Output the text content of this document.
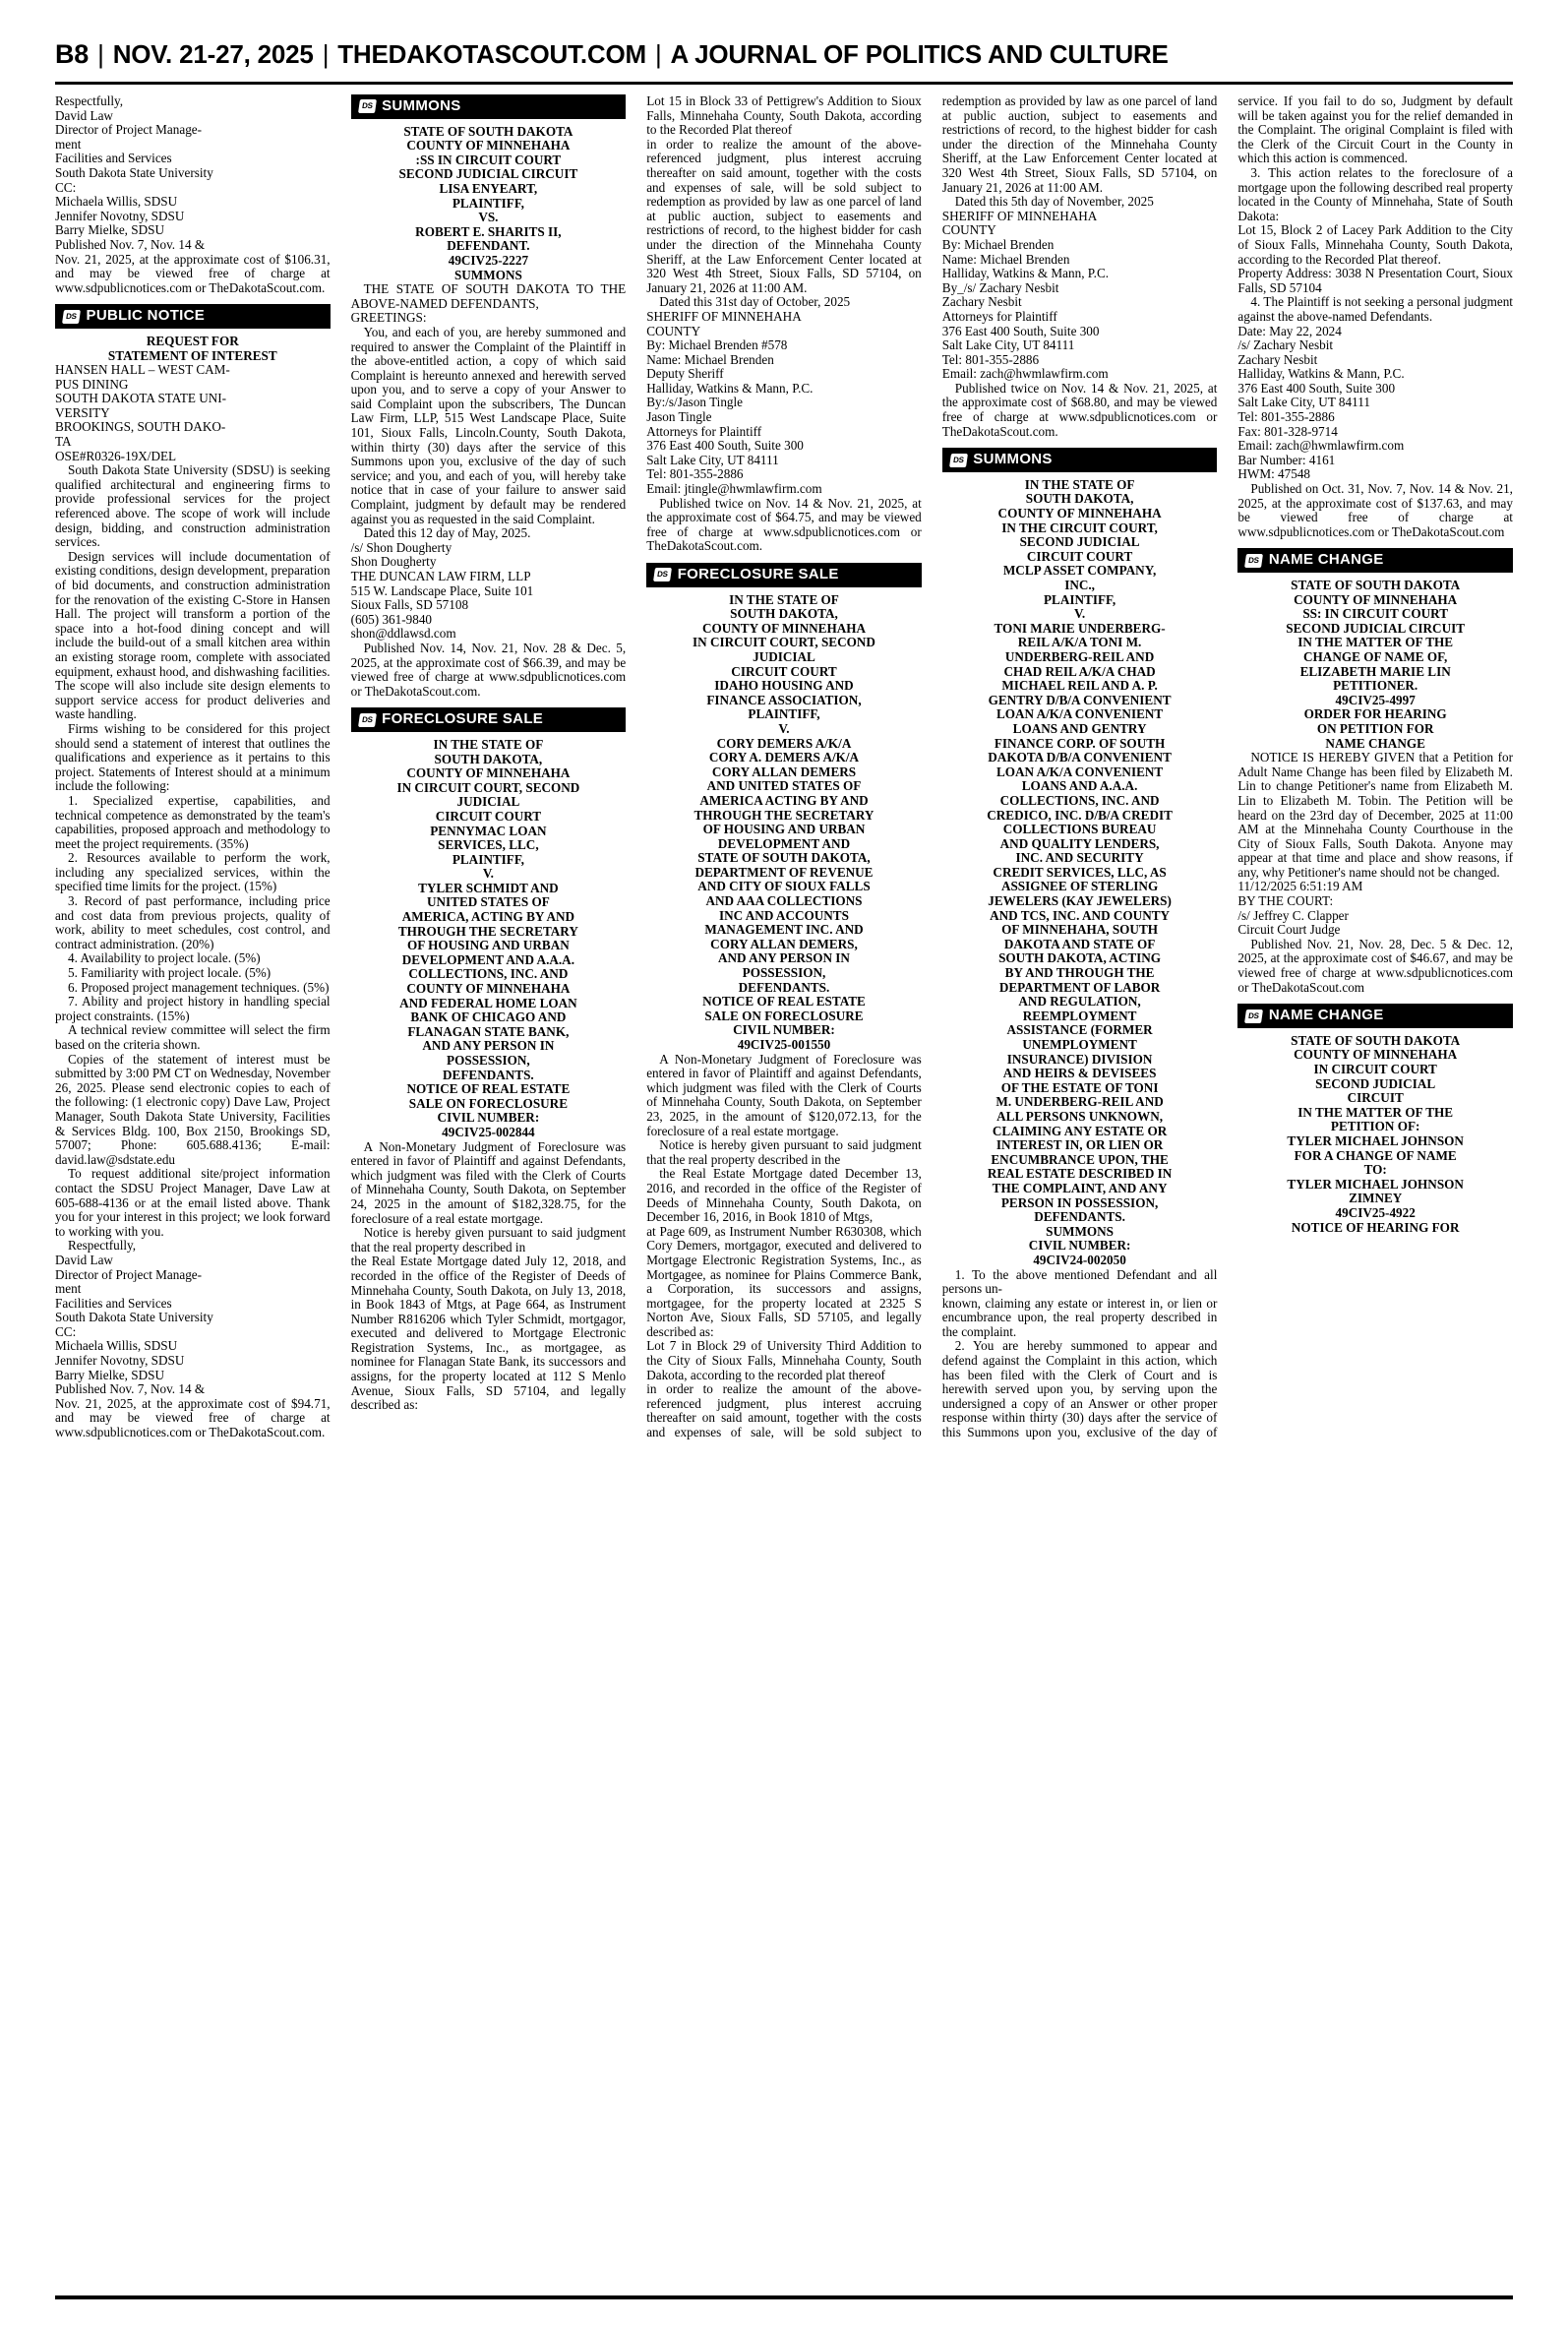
B8 | NOV. 21-27, 2025 | THEDAKOTASCOUT.COM | A JOURNAL OF POLITICS AND CULTURE

Respectfully,

David Law

Director of Project Manage-

ment

Facilities and Services

South Dakota State University

CC:

Michaela Willis, SDSU

Jennifer Novotny, SDSU

Barry Mielke, SDSU

Published Nov. 7, Nov. 14 &

Nov. 21, 2025, at the approximate cost of $106.31, and may be viewed free of charge at www.sdpublicnotices.com or TheDakotaScout.com.

DS PUBLIC NOTICE

REQUEST FOR

STATEMENT OF INTEREST

HANSEN HALL – WEST CAM-

PUS DINING

SOUTH DAKOTA STATE UNI-

VERSITY

BROOKINGS, SOUTH DAKO-

TA

OSE#R0326-19X/DEL

South Dakota State University (SDSU) is seeking qualified architectural and engineering firms to provide professional services for the project referenced above. The scope of work will include design, bidding, and construction administration services.

Design services will include documentation of existing conditions, design development, preparation of bid documents, and construction administration for the renovation of the existing C-Store in Hansen Hall. The project will transform a portion of the space into a hot-food dining concept and will include the build-out of a small kitchen area within an existing storage room, complete with associated equipment, exhaust hood, and dishwashing facilities. The scope will also include site design elements to support service access for product deliveries and waste handling.

Firms wishing to be considered for this project should send a statement of interest that outlines the qualifications and experience as it pertains to this project. Statements of Interest should at a minimum include the following:

1. Specialized expertise, capabilities, and technical competence as demonstrated by the team's capabilities, proposed approach and methodology to meet the project requirements. (35%)

2. Resources available to perform the work, including any specialized services, within the specified time limits for the project. (15%)

3. Record of past performance, including price and cost data from previous projects, quality of work, ability to meet schedules, cost control, and contract administration. (20%)

4. Availability to project locale. (5%)

5. Familiarity with project locale. (5%)

6. Proposed project management techniques. (5%)

7. Ability and project history in handling special project constraints. (15%)

A technical review committee will select the firm based on the criteria shown.

Copies of the statement of interest must be submitted by 3:00 PM CT on Wednesday, November 26, 2025. Please send electronic copies to each of the following: (1 electronic copy) Dave Law, Project Manager, South Dakota State University, Facilities & Services Bldg. 100, Box 2150, Brookings SD, 57007; Phone: 605.688.4136; E-mail: david.law@sdstate.edu

To request additional site/project information contact the SDSU Project Manager, Dave Law at 605-688-4136 or at the email listed above. Thank you for your interest in this project; we look forward to working with you.

Respectfully,

David Law

Director of Project Manage-

ment

Facilities and Services

South Dakota State University

CC:

Michaela Willis, SDSU

Jennifer Novotny, SDSU

Barry Mielke, SDSU

Published Nov. 7, Nov. 14 &

Nov. 21, 2025, at the approximate cost of $94.71, and may be viewed free of charge at www.sdpublicnotices.com or TheDakotaScout.com.

DS SUMMONS

STATE OF SOUTH DAKOTA

COUNTY OF MINNEHAHA

:SS IN CIRCUIT COURT

SECOND JUDICIAL CIRCUIT

LISA ENYEART,

PLAINTIFF,

VS.

ROBERT E. SHARITS II,

DEFENDANT.

49CIV25-2227

SUMMONS

THE STATE OF SOUTH DAKOTA TO THE ABOVE-NAMED DEFENDANTS,

GREETINGS:

You, and each of you, are hereby summoned and required to answer the Complaint of the Plaintiff in the above-entitled action, a copy of which said Complaint is hereunto annexed and herewith served upon you, and to serve a copy of your Answer to said Complaint upon the subscribers, The Duncan Law Firm, LLP, 515 West Landscape Place, Suite 101, Sioux Falls, Lincoln.County, South Dakota, within thirty (30) days after the service of this Summons upon you, exclusive of the day of such service; and you, and each of you, will hereby take notice that in case of your failure to answer said Complaint, judgment by default may be rendered against you as requested in the said Complaint.

Dated this 12 day of May, 2025.

/s/ Shon Dougherty

Shon Dougherty

THE DUNCAN LAW FIRM, LLP

515 W. Landscape Place, Suite 101

Sioux Falls, SD 57108

(605) 361-9840

shon@ddlawsd.com

Published Nov. 14, Nov. 21, Nov. 28 & Dec. 5, 2025, at the approximate cost of $66.39, and may be viewed free of charge at www.sdpublicnotices.com or TheDakotaScout.com.

DS FORECLOSURE SALE

IN THE STATE OF

SOUTH DAKOTA,

COUNTY OF MINNEHAHA

IN CIRCUIT COURT, SECOND

JUDICIAL

CIRCUIT COURT

PENNYMAC LOAN

SERVICES, LLC,

PLAINTIFF,

V.

TYLER SCHMIDT AND

UNITED STATES OF

AMERICA, ACTING BY AND

THROUGH THE SECRETARY

OF HOUSING AND URBAN

DEVELOPMENT AND A.A.A.

COLLECTIONS, INC. AND

COUNTY OF MINNEHAHA

AND FEDERAL HOME LOAN

BANK OF CHICAGO AND

FLANAGAN STATE BANK,

AND ANY PERSON IN

POSSESSION,

DEFENDANTS.

NOTICE OF REAL ESTATE

SALE ON FORECLOSURE

CIVIL NUMBER:

49CIV25-002844

A Non-Monetary Judgment of Foreclosure was entered in favor of Plaintiff and against Defendants, which judgment was filed with the Clerk of Courts of Minnehaha County, South Dakota, on September 24, 2025 in the amount of $182,328.75, for the foreclosure of a real estate mortgage.

Notice is hereby given pursuant to said judgment that the real property described in

the Real Estate Mortgage dated July 12, 2018, and recorded in the office of the Register of Deeds of Minnehaha County, South Dakota, on July 13, 2018, in Book 1843 of Mtgs, at Page 664, as Instrument Number R816206 which Tyler Schmidt, mortgagor, executed and delivered to Mortgage Electronic Registration Systems, Inc., as mortgagee, as nominee for Flanagan State Bank, its successors and assigns, for the property located at 112 S Menlo Avenue, Sioux Falls, SD 57104, and legally described as:

Lot 15 in Block 33 of Pettigrew's Addition to Sioux Falls, Minnehaha County, South Dakota, according to the Recorded Plat thereof

in order to realize the amount of the above-referenced judgment, plus interest accruing thereafter on said amount, together with the costs and expenses of sale, will be sold subject to redemption as provided by law as one parcel of land at public auction, subject to easements and restrictions of record, to the highest bidder for cash under the direction of the Minnehaha County Sheriff, at the Law Enforcement Center located at 320 West 4th Street, Sioux Falls, SD 57104, on January 21, 2026 at 11:00 AM.

Dated this 31st day of October, 2025

SHERIFF OF MINNEHAHA

COUNTY

By: Michael Brenden #578

Name: Michael Brenden

Deputy Sheriff

Halliday, Watkins & Mann, P.C.

By:/s/Jason Tingle

Jason Tingle

Attorneys for Plaintiff

376 East 400 South, Suite 300

Salt Lake City, UT 84111

Tel: 801-355-2886

Email: jtingle@hwmlawfirm.com

Published twice on Nov. 14 & Nov. 21, 2025, at the approximate cost of $64.75, and may be viewed free of charge at www.sdpublicnotices.com or TheDakotaScout.com.

DS FORECLOSURE SALE

IN THE STATE OF

SOUTH DAKOTA,

COUNTY OF MINNEHAHA

IN CIRCUIT COURT, SECOND

JUDICIAL

CIRCUIT COURT

IDAHO HOUSING AND

FINANCE ASSOCIATION,

PLAINTIFF,

V.

CORY DEMERS A/K/A

CORY A. DEMERS A/K/A

CORY ALLAN DEMERS

AND UNITED STATES OF

AMERICA ACTING BY AND

THROUGH THE SECRETARY

OF HOUSING AND URBAN

DEVELOPMENT AND

STATE OF SOUTH DAKOTA,

DEPARTMENT OF REVENUE

AND CITY OF SIOUX FALLS

AND AAA COLLECTIONS

INC AND ACCOUNTS

MANAGEMENT INC. AND

CORY ALLAN DEMERS,

AND ANY PERSON IN

POSSESSION,

DEFENDANTS.

NOTICE OF REAL ESTATE

SALE ON FORECLOSURE

CIVIL NUMBER:

49CIV25-001550

A Non-Monetary Judgment of Foreclosure was entered in favor of Plaintiff and against Defendants, which judgment was filed with the Clerk of Courts of Minnehaha County, South Dakota, on September 23, 2025, in the amount of $120,072.13, for the foreclosure of a real estate mortgage.

Notice is hereby given pursuant to said judgment that the real property described in the

the Real Estate Mortgage dated December 13, 2016, and recorded in the office of the Register of Deeds of Minnehaha County, South Dakota, on December 16, 2016, in Book 1810 of Mtgs,

at Page 609, as Instrument Number R630308, which Cory Demers, mortgagor, executed and delivered to Mortgage Electronic Registration Systems, Inc., as Mortgagee, as nominee for Plains Commerce Bank, a Corporation, its successors and assigns, mortgagee, for the property located at 2325 S Norton Ave, Sioux Falls, SD 57105, and legally described as:

Lot 7 in Block 29 of University Third Addition to the City of Sioux Falls, Minnehaha County, South Dakota, according to the recorded plat thereof

in order to realize the amount of the above-referenced judgment, plus interest accruing thereafter on said amount, together with the costs and expenses of sale, will be sold subject to redemption as provided by law as one parcel of land at public auction, subject to easements and restrictions of record, to the highest bidder for cash under the direction of the Minnehaha County Sheriff, at the Law Enforcement Center located at 320 West 4th Street, Sioux Falls, SD 57104, on January 21, 2026 at 11:00 AM.

Dated this 5th day of November, 2025

SHERIFF OF MINNEHAHA

COUNTY

By: Michael Brenden

Name: Michael Brenden

Halliday, Watkins & Mann, P.C.

By_/s/ Zachary Nesbit

Zachary Nesbit

Attorneys for Plaintiff

376 East 400 South, Suite 300

Salt Lake City, UT 84111

Tel: 801-355-2886

Email: zach@hwmlawfirm.com

Published twice on Nov. 14 & Nov. 21, 2025, at the approximate cost of $68.80, and may be viewed free of charge at www.sdpublicnotices.com or TheDakotaScout.com.

DS SUMMONS

IN THE STATE OF

SOUTH DAKOTA,

COUNTY OF MINNEHAHA

IN THE CIRCUIT COURT,

SECOND JUDICIAL

CIRCUIT COURT

MCLP ASSET COMPANY,

INC.,

PLAINTIFF,

V.

TONI MARIE UNDERBERG-

REIL A/K/A TONI M.

UNDERBERG-REIL AND

CHAD REIL A/K/A CHAD

MICHAEL REIL AND A. P.

GENTRY D/B/A CONVENIENT

LOAN A/K/A CONVENIENT

LOANS AND GENTRY

FINANCE CORP. OF SOUTH

DAKOTA D/B/A CONVENIENT

LOAN A/K/A CONVENIENT

LOANS AND A.A.A.

COLLECTIONS, INC. AND

CREDICO, INC. D/B/A CREDIT

COLLECTIONS BUREAU

AND QUALITY LENDERS,

INC. AND SECURITY

CREDIT SERVICES, LLC, AS

ASSIGNEE OF STERLING

JEWELERS (KAY JEWELERS)

AND TCS, INC. AND COUNTY

OF MINNEHAHA, SOUTH

DAKOTA AND STATE OF

SOUTH DAKOTA, ACTING

BY AND THROUGH THE

DEPARTMENT OF LABOR

AND REGULATION,

REEMPLOYMENT

ASSISTANCE (FORMER

UNEMPLOYMENT

INSURANCE) DIVISION

AND HEIRS & DEVISEES

OF THE ESTATE OF TONI

M. UNDERBERG-REIL AND

ALL PERSONS UNKNOWN,

CLAIMING ANY ESTATE OR

INTEREST IN, OR LIEN OR

ENCUMBRANCE UPON, THE

REAL ESTATE DESCRIBED IN

THE COMPLAINT, AND ANY

PERSON IN POSSESSION,

DEFENDANTS.

SUMMONS

CIVIL NUMBER:

49CIV24-002050

1. To the above mentioned Defendant and all persons un-

known, claiming any estate or interest in, or lien or encumbrance upon, the real property described in the complaint.

2. You are hereby summoned to appear and defend against the Complaint in this action, which has been filed with the Clerk of Court and is herewith served upon you, by serving upon the undersigned a copy of an Answer or other proper response within thirty (30) days after the service of this Summons upon you, exclusive of the day of service. If you fail to do so, Judgment by default will be taken against you for the relief demanded in the Complaint. The original Complaint is filed with the Clerk of the Circuit Court in the County in which this action is commenced.

3. This action relates to the foreclosure of a mortgage upon the following described real property located in the County of Minnehaha, State of South Dakota:

Lot 15, Block 2 of Lacey Park Addition to the City of Sioux Falls, Minnehaha County, South Dakota, according to the Recorded Plat thereof.

Property Address: 3038 N Presentation Court, Sioux Falls, SD 57104

4. The Plaintiff is not seeking a personal judgment against the above-named Defendants.

Date: May 22, 2024

/s/ Zachary Nesbit

Zachary Nesbit

Halliday, Watkins & Mann, P.C.

376 East 400 South, Suite 300

Salt Lake City, UT 84111

Tel: 801-355-2886

Fax: 801-328-9714

Email: zach@hwmlawfirm.com

Bar Number: 4161

HWM: 47548

Published on Oct. 31, Nov. 7, Nov. 14 & Nov. 21, 2025, at the approximate cost of $137.63, and may be viewed free of charge at www.sdpublicnotices.com or TheDakotaScout.com

DS NAME CHANGE

STATE OF SOUTH DAKOTA

COUNTY OF MINNEHAHA

SS: IN CIRCUIT COURT

SECOND JUDICIAL CIRCUIT

IN THE MATTER OF THE

CHANGE OF NAME OF,

ELIZABETH MARIE LIN

PETITIONER.

49CIV25-4997

ORDER FOR HEARING

ON PETITION FOR

NAME CHANGE

NOTICE IS HEREBY GIVEN that a Petition for Adult Name Change has been filed by Elizabeth M. Lin to change Petitioner's name from Elizabeth M. Lin to Elizabeth M. Tobin. The Petition will be heard on the 23rd day of December, 2025 at 11:00 AM at the Minnehaha County Courthouse in the City of Sioux Falls, South Dakota. Anyone may appear at that time and place and show reasons, if any, why Petitioner's name should not be changed.

11/12/2025 6:51:19 AM

BY THE COURT:

/s/ Jeffrey C. Clapper

Circuit Court Judge

Published Nov. 21, Nov. 28, Dec. 5 & Dec. 12, 2025, at the approximate cost of $46.67, and may be viewed free of charge at www.sdpublicnotices.com or TheDakotaScout.com

DS NAME CHANGE

STATE OF SOUTH DAKOTA

COUNTY OF MINNEHAHA

IN CIRCUIT COURT

SECOND JUDICIAL

CIRCUIT

IN THE MATTER OF THE

PETITION OF:

TYLER MICHAEL JOHNSON

FOR A CHANGE OF NAME

TO:

TYLER MICHAEL JOHNSON

ZIMNEY

49CIV25-4922

NOTICE OF HEARING FOR
